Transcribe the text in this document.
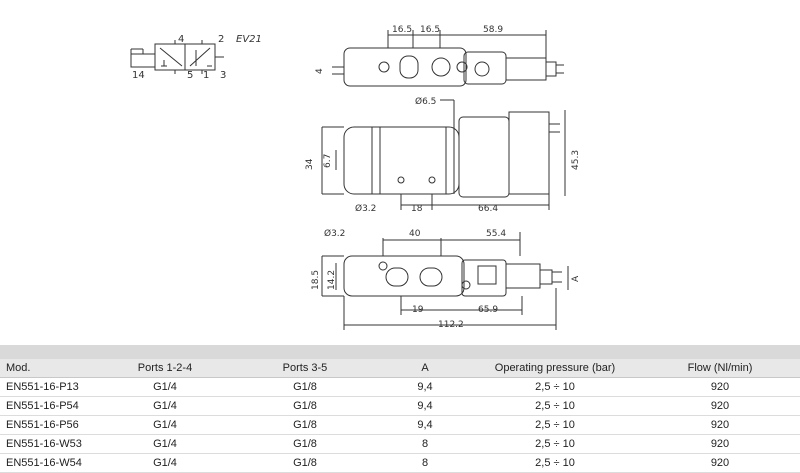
EV21
4	2
14	5 1 3
16.5 16.5	58.9
4
Ø6.5
34 6.7	45.3
Ø3.2	18	66.4
Ø3.2	40	55.4
18.5 14.2	A
19	65.9
112.2

Mod.	Ports 1-2-4	Ports 3-5	A	Operating pressure (bar)	Flow (Nl/min)
EN551-16-P13	G1/4	G1/8	9,4	2,5 ÷ 10	920
EN551-16-P54	G1/4	G1/8	9,4	2,5 ÷ 10	920
EN551-16-P56	G1/4	G1/8	9,4	2,5 ÷ 10	920
EN551-16-W53	G1/4	G1/8	8	2,5 ÷ 10	920
EN551-16-W54	G1/4	G1/8	8	2,5 ÷ 10	920
